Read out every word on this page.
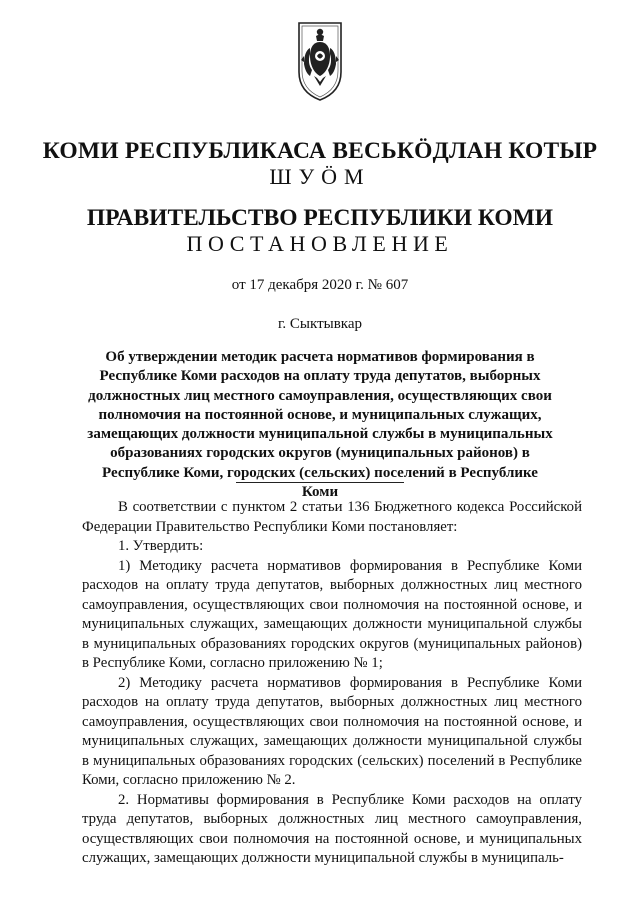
КОМИ РЕСПУБЛИКАСА ВЕСЬКӦДЛАН КОТЫР
ШУӦМ
ПРАВИТЕЛЬСТВО РЕСПУБЛИКИ КОМИ
ПОСТАНОВЛЕНИЕ
от 17 декабря 2020 г. № 607
г. Сыктывкар
Об утверждении методик расчета нормативов формирования в Республике Коми расходов на оплату труда депутатов, выборных должностных лиц местного самоуправления, осуществляющих свои полномочия на постоянной основе, и муниципальных служащих, замещающих должности муниципальной службы в муниципальных образованиях городских округов (муниципальных районов) в Республике Коми, городских (сельских) поселений в Республике Коми

В соответствии с пунктом 2 статьи 136 Бюджетного кодекса Российской Федерации Правительство Республики Коми постановляет:

1. Утвердить:

1) Методику расчета нормативов формирования в Республике Коми расходов на оплату труда депутатов, выборных должностных лиц местного самоуправления, осуществляющих свои полномочия на постоянной основе, и муниципальных служащих, замещающих должности муниципальной службы в муниципальных образованиях городских округов (муниципальных районов) в Республике Коми, согласно приложению № 1;

2) Методику расчета нормативов формирования в Республике Коми расходов на оплату труда депутатов, выборных должностных лиц местного самоуправления, осуществляющих свои полномочия на постоянной основе, и муниципальных служащих, замещающих должности муниципальной службы в муниципальных образованиях городских (сельских) поселений в Республике Коми, согласно приложению № 2.

2. Нормативы формирования в Республике Коми расходов на оплату труда депутатов, выборных должностных лиц местного самоуправления, осуществляющих свои полномочия на постоянной основе, и муниципальных служащих, замещающих должности муниципальной службы в муниципаль-
